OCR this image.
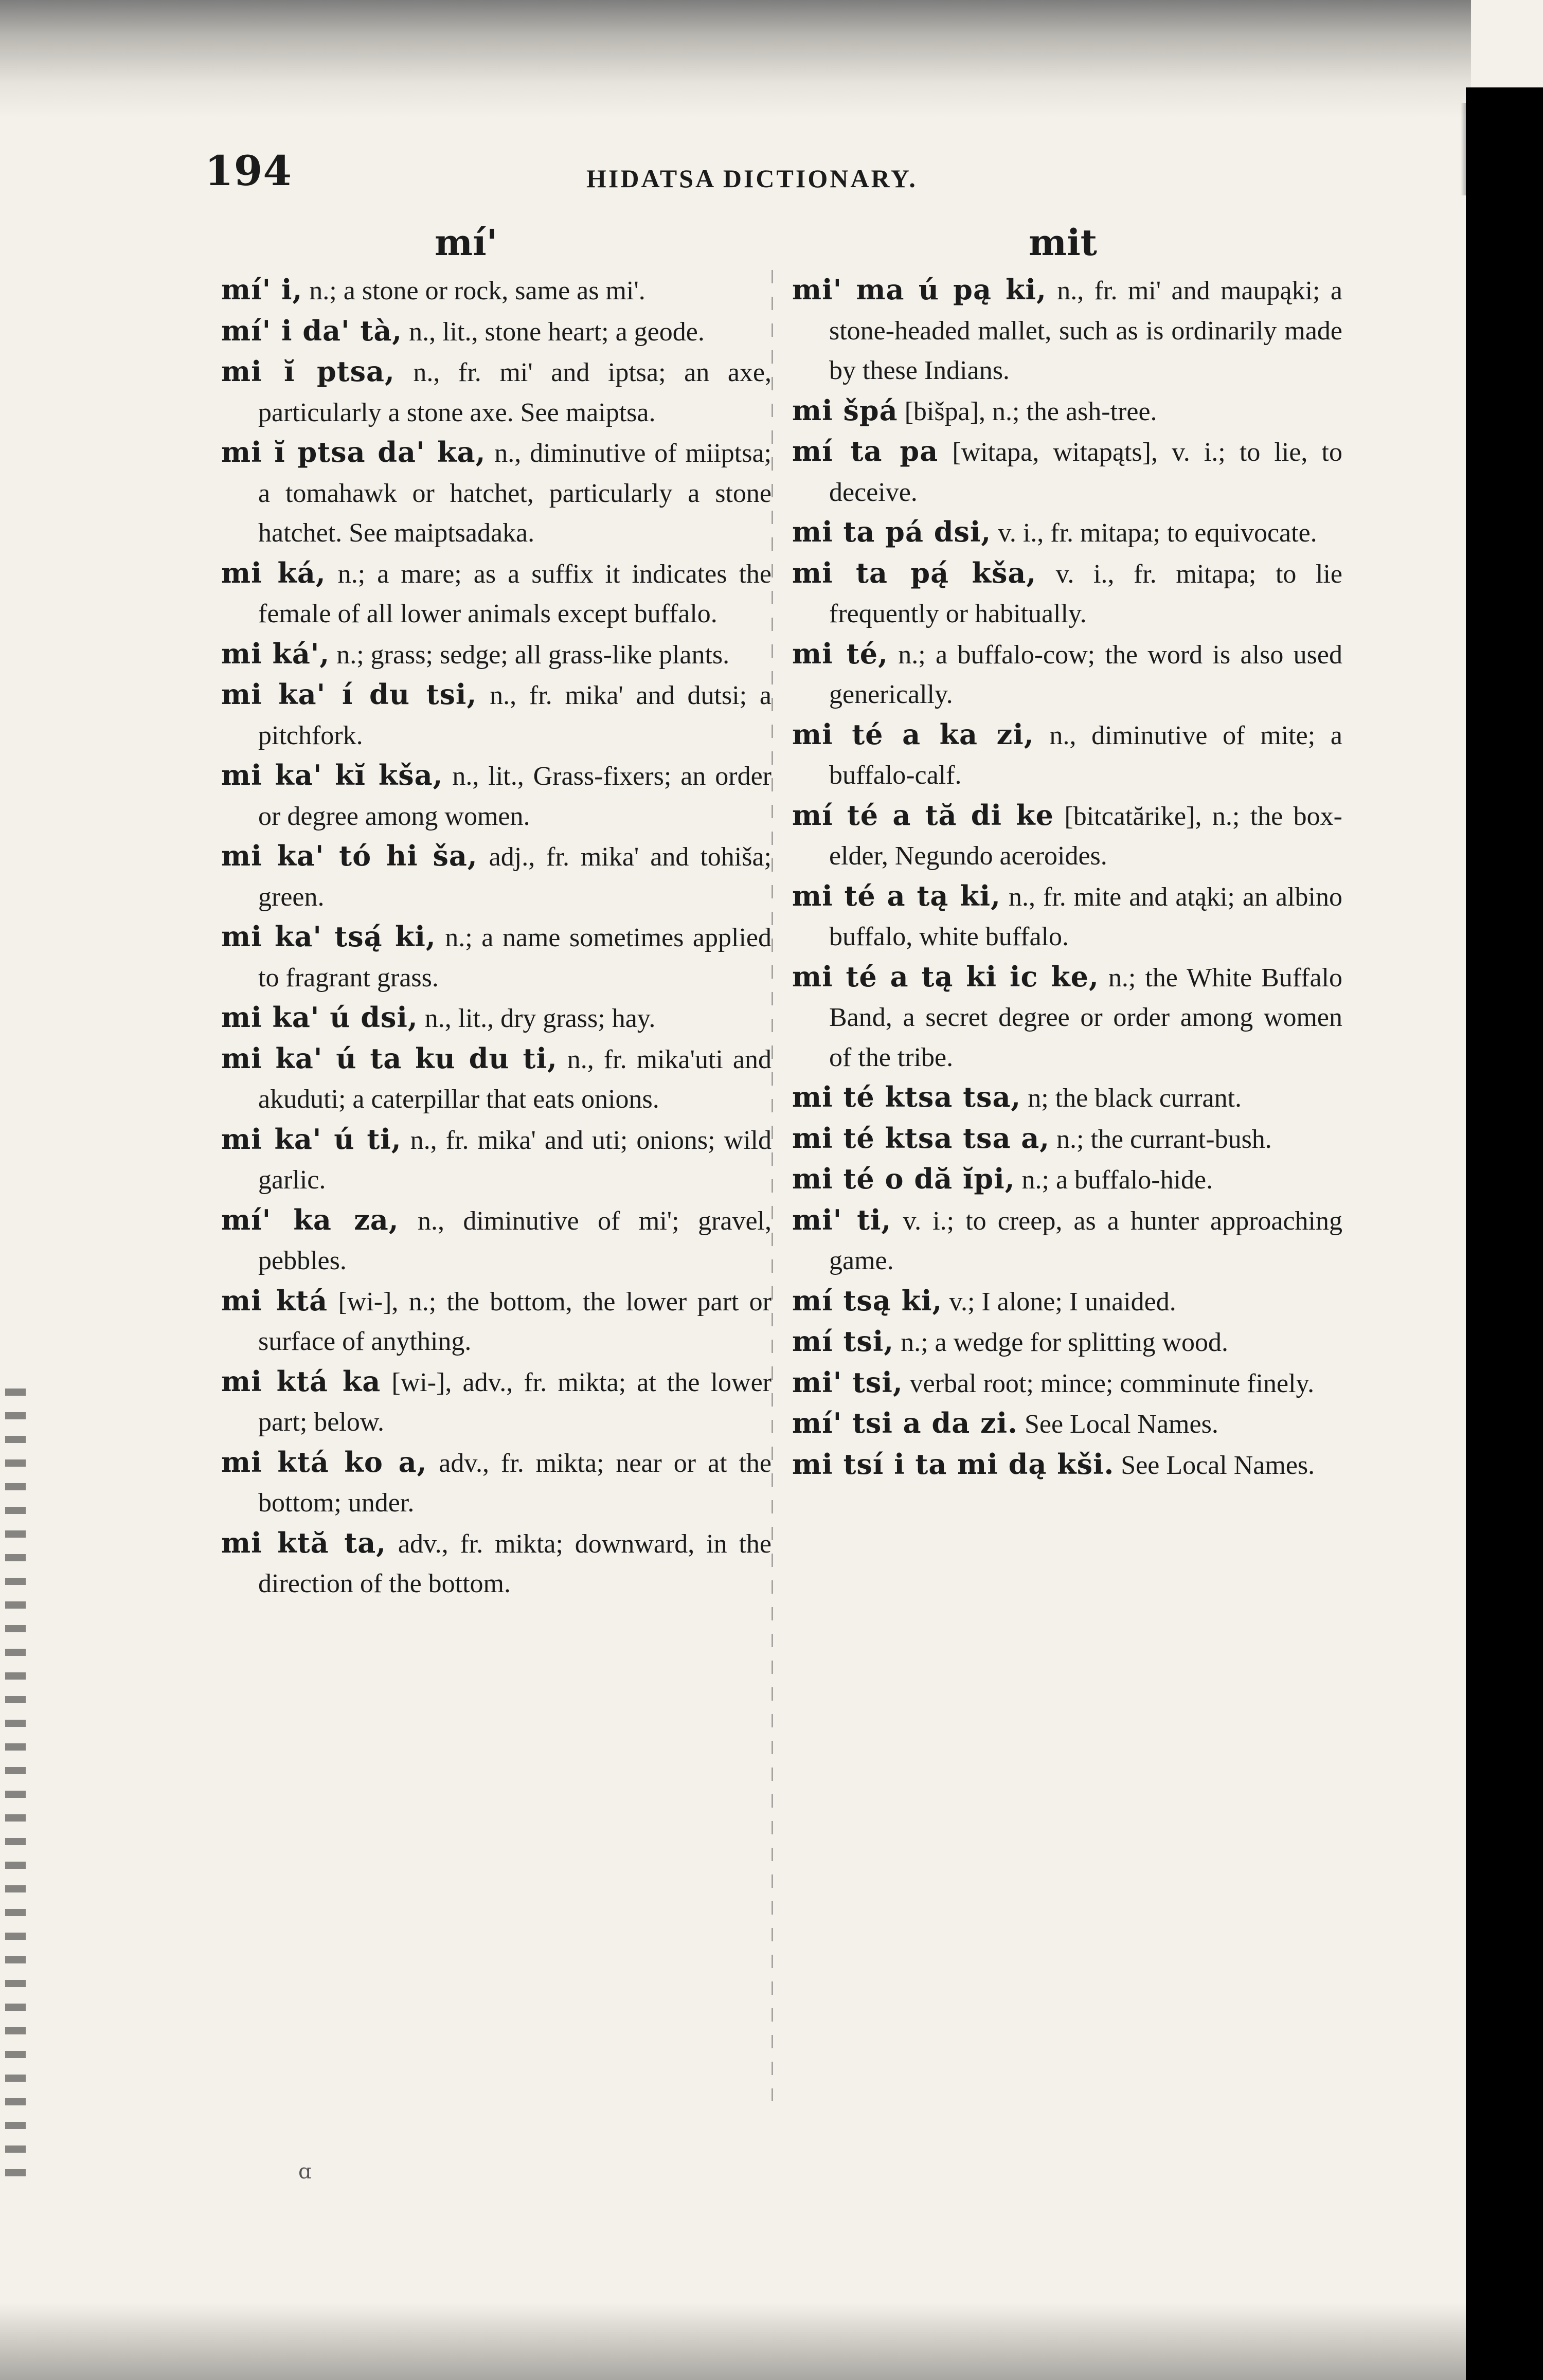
194	HIDATSA DICTIONARY.
mí'	mit

mí' i, n.; a stone or rock, same as mi'.

mí' i da' tà, n., lit., stone heart; a geode.

mi ĭ ptsa, n., fr. mi' and iptsa; an axe, particularly a stone axe. See maiptsa.

mi ĭ ptsa da' ka, n., diminutive of miiptsa; a tomahawk or hatchet, particularly a stone hatchet. See maiptsadaka.

mi ká, n.; a mare; as a suffix it indicates the female of all lower animals except buffalo.

mi ká', n.; grass; sedge; all grass-like plants.

mi ka' í du tsi, n., fr. mika' and dutsi; a pitchfork.

mi ka' kĭ kša, n., lit., Grass-fixers; an order or degree among women.

mi ka' tó hi ša, adj., fr. mika' and tohiša; green.

mi ka' tsą́ ki, n.; a name sometimes applied to fragrant grass.

mi ka' ú dsi, n., lit., dry grass; hay.

mi ka' ú ta ku du ti, n., fr. mika'uti and akuduti; a caterpillar that eats onions.

mi ka' ú ti, n., fr. mika' and uti; onions; wild garlic.

mí' ka za, n., diminutive of mi'; gravel, pebbles.

mi ktá [wi-], n.; the bottom, the lower part or surface of anything.

mi ktá ka [wi-], adv., fr. mikta; at the lower part; below.

mi ktá ko a, adv., fr. mikta; near or at the bottom; under.

mi ktă ta, adv., fr. mikta; downward, in the direction of the bottom.

mi' ma ú pą ki, n., fr. mi' and maupąki; a stone-headed mallet, such as is ordinarily made by these Indians.

mi špá [bišpa], n.; the ash-tree.

mí ta pa [witapa, witapąts], v. i.; to lie, to deceive.

mi ta pá dsi, v. i., fr. mitapa; to equivocate.

mi ta pą́ kša, v. i., fr. mitapa; to lie frequently or habitually.

mi té, n.; a buffalo-cow; the word is also used generically.

mi té a ka zi, n., diminutive of mite; a buffalo-calf.

mí té a tă di ke [bitcatărike], n.; the box-elder, Negundo aceroides.

mi té a tą ki, n., fr. mite and atąki; an albino buffalo, white buffalo.

mi té a tą ki ic ke, n.; the White Buffalo Band, a secret degree or order among women of the tribe.

mi té ktsa tsa, n; the black currant.

mi té ktsa tsa a, n.; the currant-bush.

mi té o dă ĭpi, n.; a buffalo-hide.

mi' ti, v. i.; to creep, as a hunter approaching game.

mí tsą ki, v.; I alone; I unaided.

mí tsi, n.; a wedge for splitting wood.

mi' tsi, verbal root; mince; comminute finely.

mí' tsi a da zi. See Local Names.

mi tsí i ta mi dą kši. See Local Names.

ɑ
